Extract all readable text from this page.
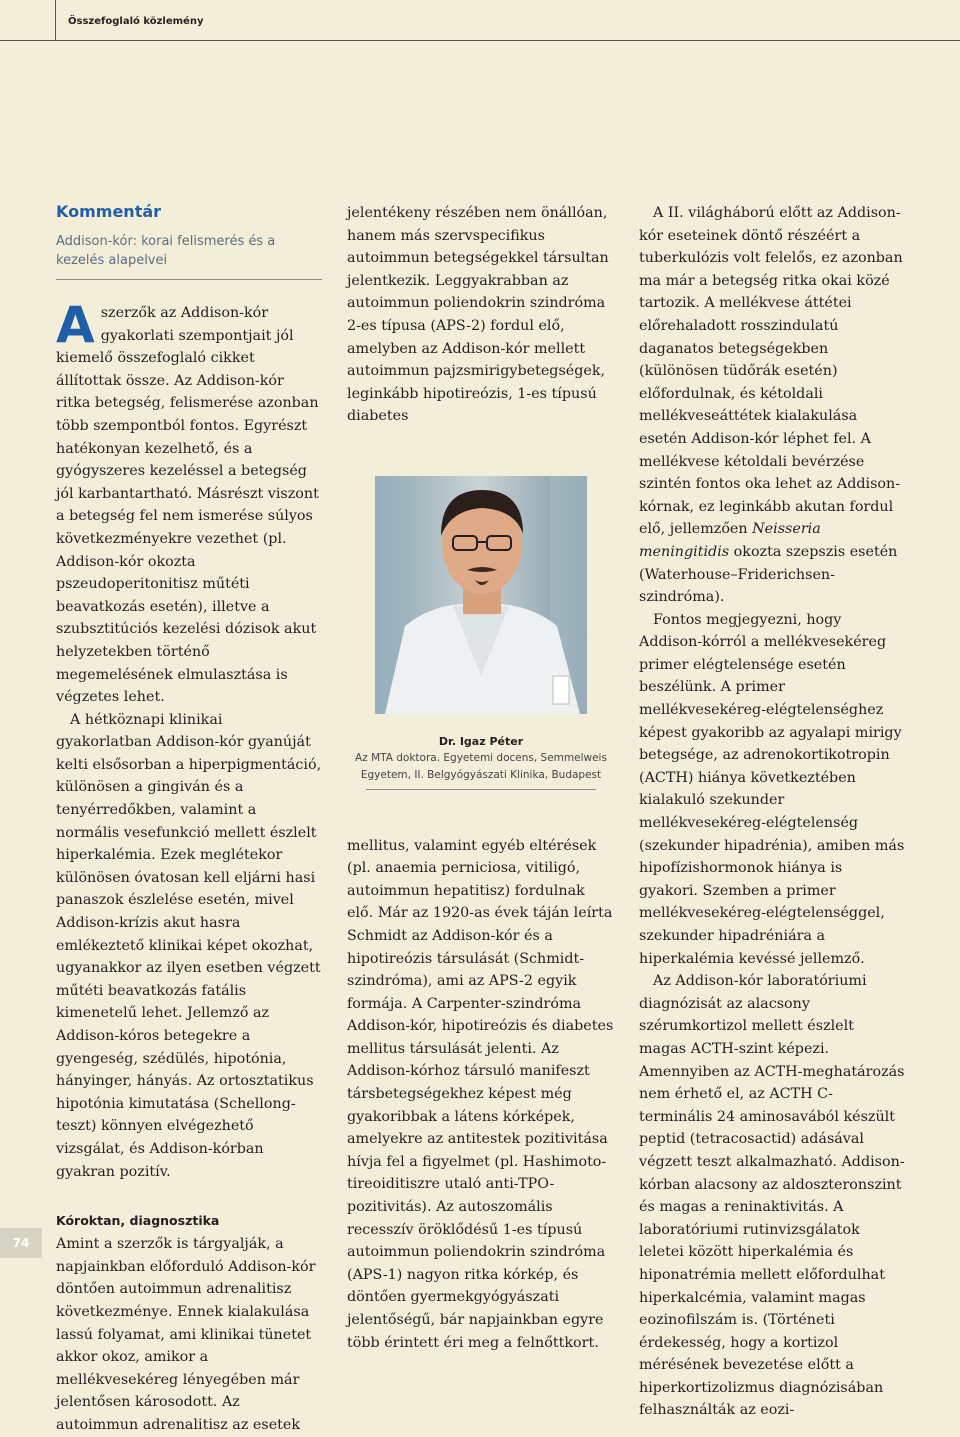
Összefoglaló közlemény
74
Kommentár
Addison-kór: korai felismerés és a kezelés alapelvei

Aszerzők az Addison-kór gyakorlati szempontjait jól kiemelő összefoglaló cikket állítottak össze. Az Addison-kór ritka betegség, felismerése azonban több szempontból fontos. Egyrészt hatékonyan kezelhető, és a gyógyszeres kezeléssel a betegség jól karbantartható. Másrészt viszont a betegség fel nem ismerése súlyos következményekre vezethet (pl. Addison-kór okozta pszeudoperitonitisz műtéti beavatkozás esetén), illetve a szubsztitúciós kezelési dózisok akut helyzetekben történő megemelésének elmulasztása is végzetes lehet.

A hétköznapi klinikai gyakorlatban Addison-kór gyanúját kelti elsősorban a hiperpigmentáció, különösen a gingiván és a tenyérredőkben, valamint a normális vesefunkció mellett észlelt hiperkalémia. Ezek meglétekor különösen óvatosan kell eljárni hasi panaszok észlelése esetén, mivel Addison-krízis akut hasra emlékeztető klinikai képet okozhat, ugyanakkor az ilyen esetben végzett műtéti beavatkozás fatális kimenetelű lehet. Jellemző az Addison-kóros betegekre a gyengeség, szédülés, hipotónia, hányinger, hányás. Az ortosztatikus hipotónia kimutatása (Schellong-teszt) könnyen elvégezhető vizsgálat, és Addison-kórban gyakran pozitív.

Kóroktan, diagnosztika

Amint a szerzők is tárgyalják, a napjainkban előforduló Addison-kór döntően autoimmun adrenalitisz következménye. Ennek kialakulása lassú folyamat, ami klinikai tünetet akkor okoz, amikor a mellékvesekéreg lényegében már jelentősen károsodott. Az autoimmun adrenalitisz az esetek

jelentékeny részében nem önállóan, hanem más szervspecifikus autoimmun betegségekkel társultan jelentkezik. Leggyakrabban az autoimmun poliendokrin szindróma 2-es típusa (APS-2) fordul elő, amelyben az Addison-kór mellett autoimmun pajzsmirigybetegségek, leginkább hipotireózis, 1-es típusú diabetes

Dr. Igaz Péter
Az MTA doktora. Egyetemi docens, Semmelweis
Egyetem, II. Belgyógyászati Klinika, Budapest

mellitus, valamint egyéb eltérések (pl. anaemia perniciosa, vitiligó, autoimmun hepatitisz) fordulnak elő. Már az 1920-as évek táján leírta Schmidt az Addison-kór és a hipotireózis társulását (Schmidt-szindróma), ami az APS-2 egyik formája. A Carpenter-szindróma Addison-kór, hipotireózis és diabetes mellitus társulását jelenti. Az Addison-kórhoz társuló manifeszt társbetegségekhez képest még gyakoribbak a látens kórképek, amelyekre az antitestek pozitivitása hívja fel a figyelmet (pl. Hashimoto-tireoiditiszre utaló anti-TPO-pozitivitás). Az autoszomális recesszív öröklődésű 1-es típusú autoimmun poliendokrin szindróma (APS-1) nagyon ritka kórkép, és döntően gyermekgyógyászati jelentőségű, bár napjainkban egyre több érintett éri meg a felnőttkort.

A II. világháború előtt az Addison-kór eseteinek döntő részéért a tuberkulózis volt felelős, ez azonban ma már a betegség ritka okai közé tartozik. A mellékvese áttétei előrehaladott rosszindulatú daganatos betegségekben (különösen tüdőrák esetén) előfordulnak, és kétoldali mellékveseáttétek kialakulása esetén Addison-kór léphet fel. A mellékvese kétoldali bevérzése szintén fontos oka lehet az Addison-kórnak, ez leginkább akutan fordul elő, jellemzően Neisseria meningitidis okozta szepszis esetén (Waterhouse–Friderichsen-szindróma).

Fontos megjegyezni, hogy Addison-kórról a mellékvesekéreg primer elégtelensége esetén beszélünk. A primer mellékvesekéreg-elégtelenséghez képest gyakoribb az agyalapi mirigy betegsége, az adrenokortikotropin (ACTH) hiánya következtében kialakuló szekunder mellékvesekéreg-elégtelenség (szekunder hipadrénia), amiben más hipofízishormonok hiánya is gyakori. Szemben a primer mellékvesekéreg-elégtelenséggel, szekunder hipadréniára a hiperkalémia kevéssé jellemző.

Az Addison-kór laboratóriumi diagnózisát az alacsony szérumkortizol mellett észlelt magas ACTH-szint képezi. Amennyiben az ACTH-meghatározás nem érhető el, az ACTH C-terminális 24 aminosavából készült peptid (tetracosactid) adásával végzett teszt alkalmazható. Addison-kórban alacsony az aldoszteronszint és magas a reninaktivitás. A laboratóriumi rutinvizsgálatok leletei között hiperkalémia és hiponatrémia mellett előfordulhat hiperkalcémia, valamint magas eozinofilszám is. (Történeti érdekesség, hogy a kortizol mérésének bevezetése előtt a hiperkortizolizmus diagnózisában felhasználták az eozi-
